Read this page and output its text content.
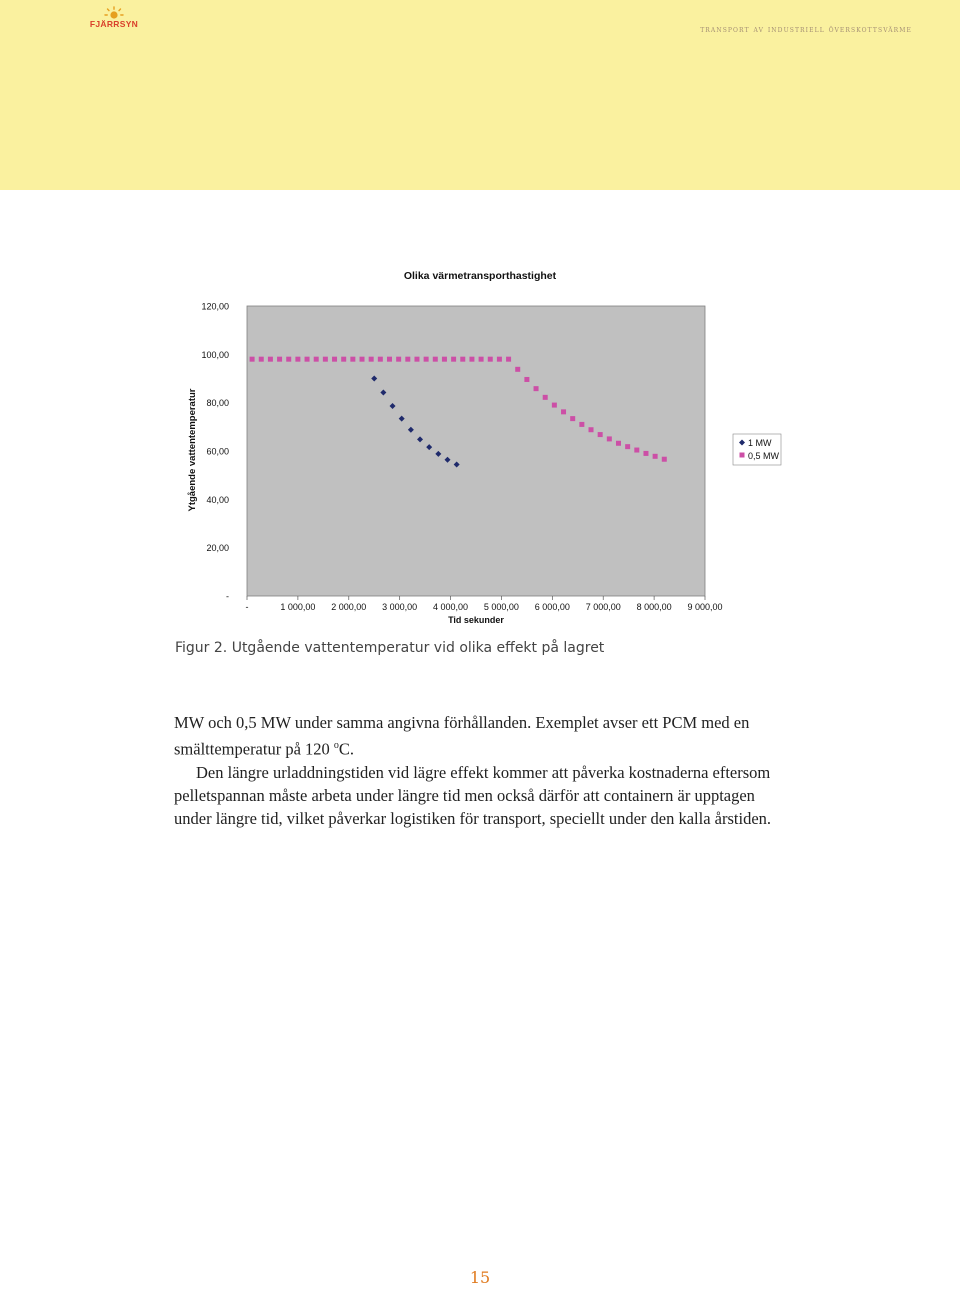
FJÄRRSYN
transport av industriell överskottsvärme
Olika värmetransporthastighet
-
20,00
40,00
60,00
80,00
100,00
120,00
-	1 000,00 2 000,00 3 000,00 4 000,00 5 000,00 6 000,00 7 000,00 8 000,00 9 000,00
Ytgående vattentemperatur
Tid sekunder
1 MW
0,5 MW
Figur 2. Utgående vattentemperatur vid olika effekt på lagret

MW och 0,5 MW under samma angivna förhållanden. Exemplet avser ett PCM med en smälttemperatur på 120 $^o$C.

Den längre urladdningstiden vid lägre effekt kommer att påverka kostnaderna eftersom pelletspannan måste arbeta under längre tid men också därför att containern är upptagen under längre tid, vilket påverkar logistiken för transport, speciellt under den kalla årstiden.

15
